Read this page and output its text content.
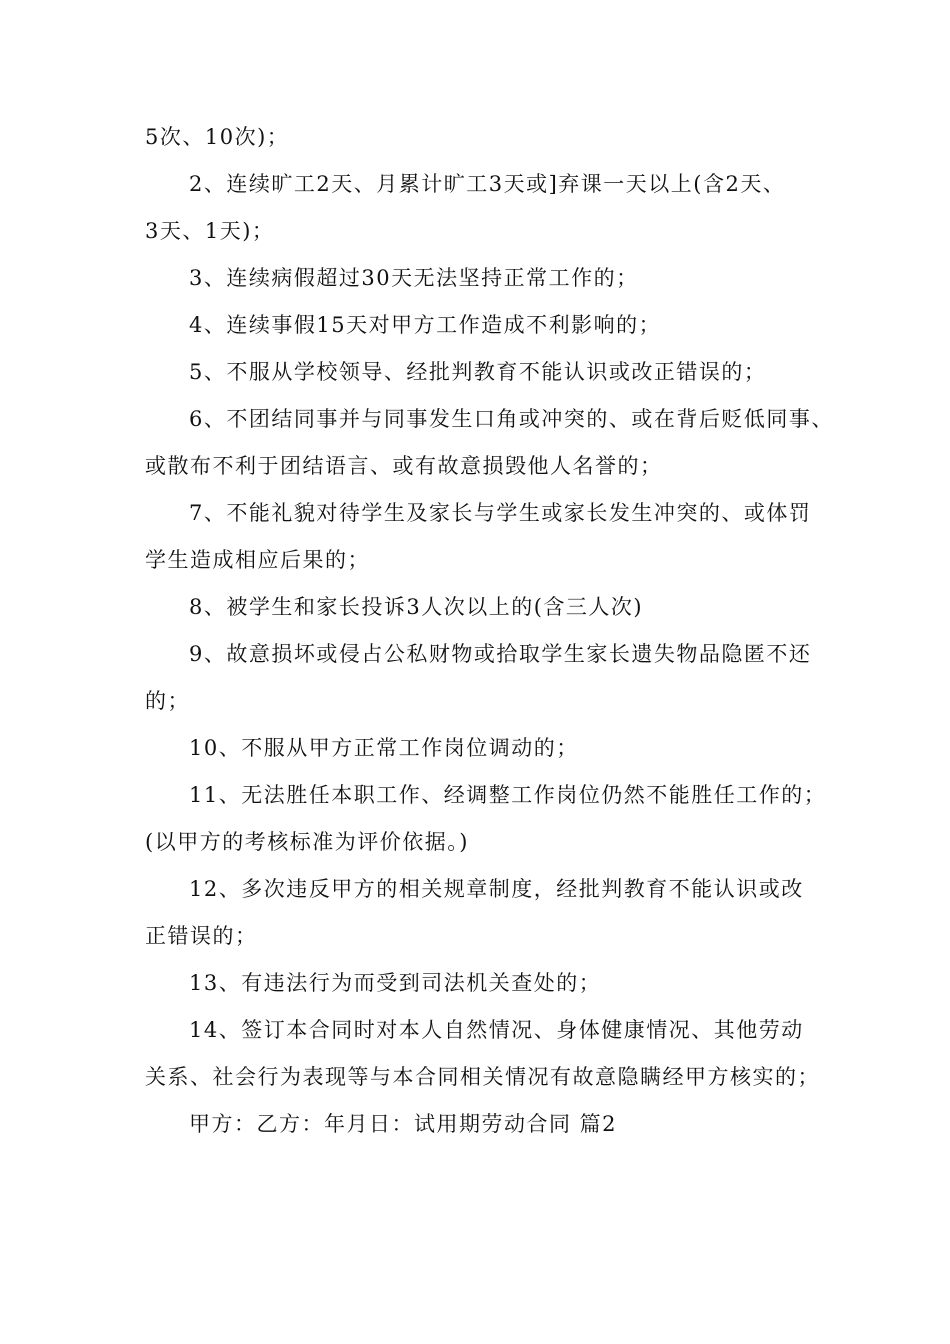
5次、10次)；
2、连续旷工2天、月累计旷工3天或]弃课一天以上(含2天、
3天、1天)；
3、连续病假超过30天无法坚持正常工作的；
4、连续事假15天对甲方工作造成不利影响的；
5、不服从学校领导、经批判教育不能认识或改正错误的；
6、不团结同事并与同事发生口角或冲突的、或在背后贬低同事、
或散布不利于团结语言、或有故意损毁他人名誉的；
7、不能礼貌对待学生及家长与学生或家长发生冲突的、或体罚
学生造成相应后果的；
8、被学生和家长投诉3人次以上的(含三人次)
9、故意损坏或侵占公私财物或拾取学生家长遗失物品隐匿不还
的；
10、不服从甲方正常工作岗位调动的；
11、无法胜任本职工作、经调整工作岗位仍然不能胜任工作的；
(以甲方的考核标准为评价依据。)
12、多次违反甲方的相关规章制度，经批判教育不能认识或改
正错误的；
13、有违法行为而受到司法机关查处的；
14、签订本合同时对本人自然情况、身体健康情况、其他劳动
关系、社会行为表现等与本合同相关情况有故意隐瞒经甲方核实的；
甲方：乙方：年月日：试用期劳动合同 篇2
